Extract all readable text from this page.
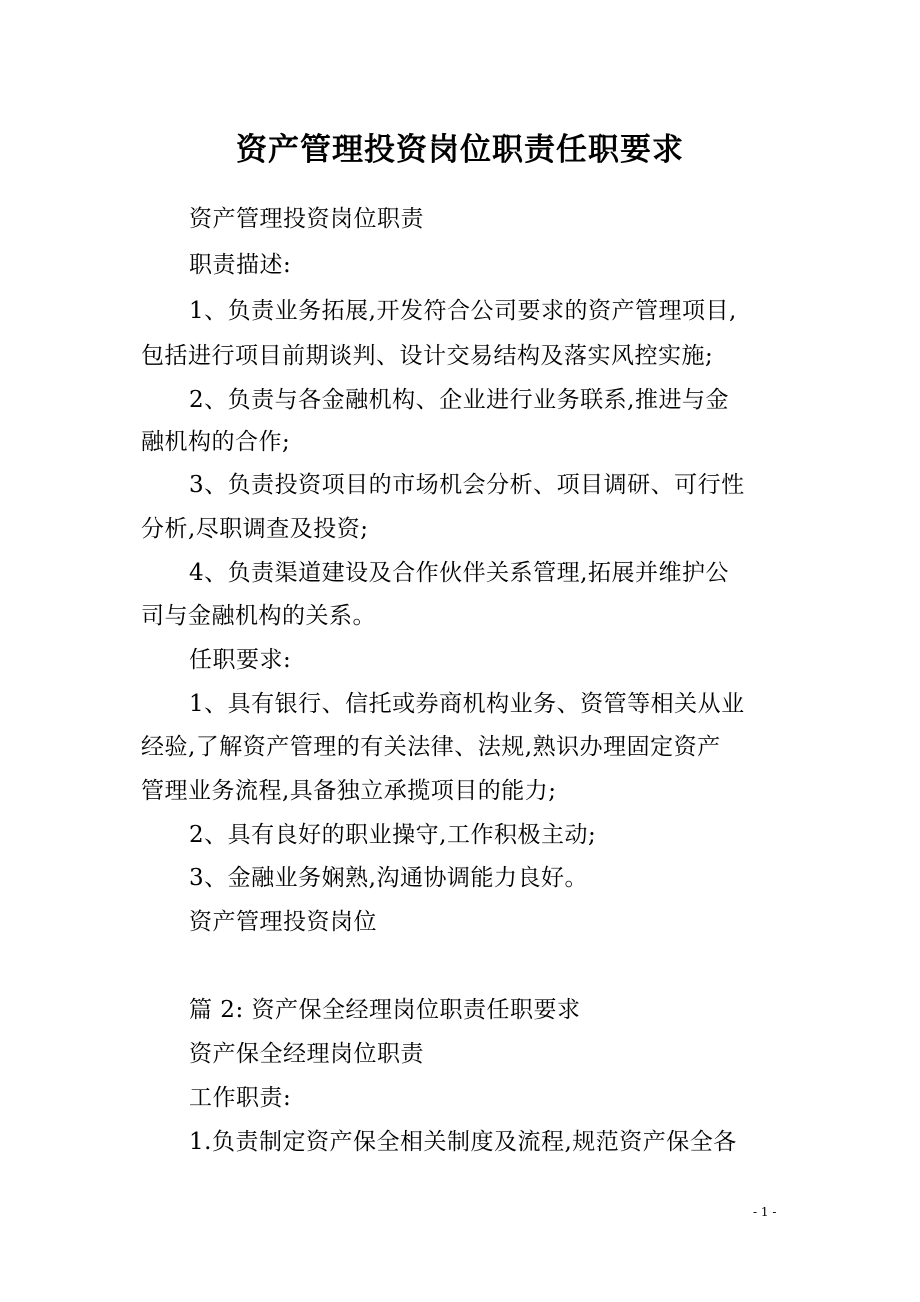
资产管理投资岗位职责任职要求

资产管理投资岗位职责

职责描述:

1、负责业务拓展,开发符合公司要求的资产管理项目,

包括进行项目前期谈判、设计交易结构及落实风控实施;

2、负责与各金融机构、企业进行业务联系,推进与金

融机构的合作;

3、负责投资项目的市场机会分析、项目调研、可行性

分析,尽职调查及投资;

4、负责渠道建设及合作伙伴关系管理,拓展并维护公

司与金融机构的关系。

任职要求:

1、具有银行、信托或券商机构业务、资管等相关从业

经验,了解资产管理的有关法律、法规,熟识办理固定资产

管理业务流程,具备独立承揽项目的能力;

2、具有良好的职业操守,工作积极主动;

3、金融业务娴熟,沟通协调能力良好。

资产管理投资岗位

篇 2: 资产保全经理岗位职责任职要求

资产保全经理岗位职责

工作职责:

1.负责制定资产保全相关制度及流程,规范资产保全各

- 1 -
